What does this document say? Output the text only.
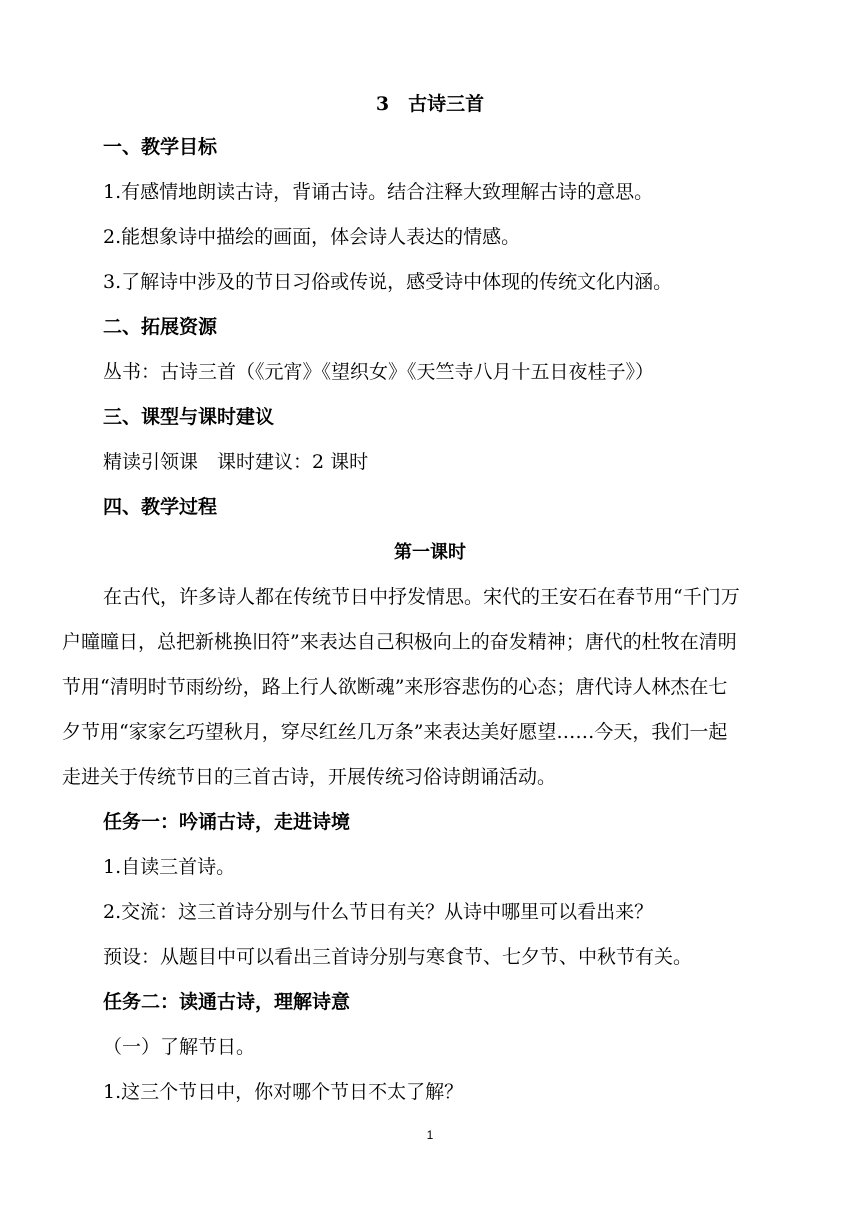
3　古诗三首
一、教学目标
1.有感情地朗读古诗，背诵古诗。结合注释大致理解古诗的意思。
2.能想象诗中描绘的画面，体会诗人表达的情感。
3.了解诗中涉及的节日习俗或传说，感受诗中体现的传统文化内涵。
二、拓展资源
丛书：古诗三首（《元宵》《望织女》《天竺寺八月十五日夜桂子》）
三、课型与课时建议
精读引领课　课时建议：2 课时
四、教学过程
第一课时
在古代，许多诗人都在传统节日中抒发情思。宋代的王安石在春节用“千门万
户曈曈日，总把新桃换旧符”来表达自己积极向上的奋发精神；唐代的杜牧在清明
节用“清明时节雨纷纷，路上行人欲断魂”来形容悲伤的心态；唐代诗人林杰在七
夕节用“家家乞巧望秋月，穿尽红丝几万条”来表达美好愿望……今天，我们一起
走进关于传统节日的三首古诗，开展传统习俗诗朗诵活动。
任务一：吟诵古诗，走进诗境
1.自读三首诗。
2.交流：这三首诗分别与什么节日有关？从诗中哪里可以看出来？
预设：从题目中可以看出三首诗分别与寒食节、七夕节、中秋节有关。
任务二：读通古诗，理解诗意
（一）了解节日。
1.这三个节日中，你对哪个节日不太了解？
1
